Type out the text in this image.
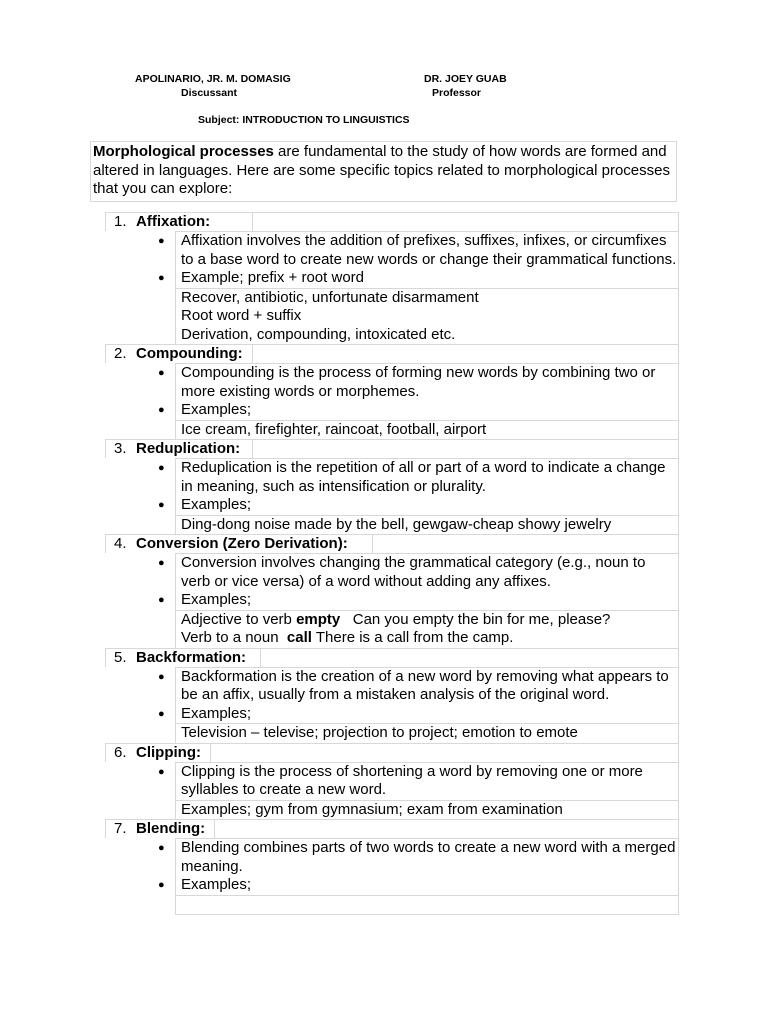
APOLINARIO, JR. M. DOMASIG
Discussant
DR. JOEY GUAB
Professor
Subject: INTRODUCTION TO LINGUISTICS
Morphological processes are fundamental to the study of how words are formed and altered in languages. Here are some specific topics related to morphological processes that you can explore:
1. Affixation:
● Affixation involves the addition of prefixes, suffixes, infixes, or circumfixes to a base word to create new words or change their grammatical functions.
● Example; prefix + root word
Recover, antibiotic, unfortunate disarmament
Root word + suffix
Derivation, compounding, intoxicated etc.
2. Compounding:
● Compounding is the process of forming new words by combining two or more existing words or morphemes.
● Examples;
Ice cream, firefighter, raincoat, football, airport
3. Reduplication:
● Reduplication is the repetition of all or part of a word to indicate a change in meaning, such as intensification or plurality.
● Examples;
Ding-dong noise made by the bell, gewgaw-cheap showy jewelry
4. Conversion (Zero Derivation):
● Conversion involves changing the grammatical category (e.g., noun to verb or vice versa) of a word without adding any affixes.
● Examples;
Adjective to verb empty   Can you empty the bin for me, please?
Verb to a noun  call There is a call from the camp.
5. Backformation:
● Backformation is the creation of a new word by removing what appears to be an affix, usually from a mistaken analysis of the original word.
● Examples;
Television – televise; projection to project; emotion to emote
6. Clipping:
● Clipping is the process of shortening a word by removing one or more syllables to create a new word.
Examples; gym from gymnasium; exam from examination
7. Blending:
● Blending combines parts of two words to create a new word with a merged meaning.
● Examples;
